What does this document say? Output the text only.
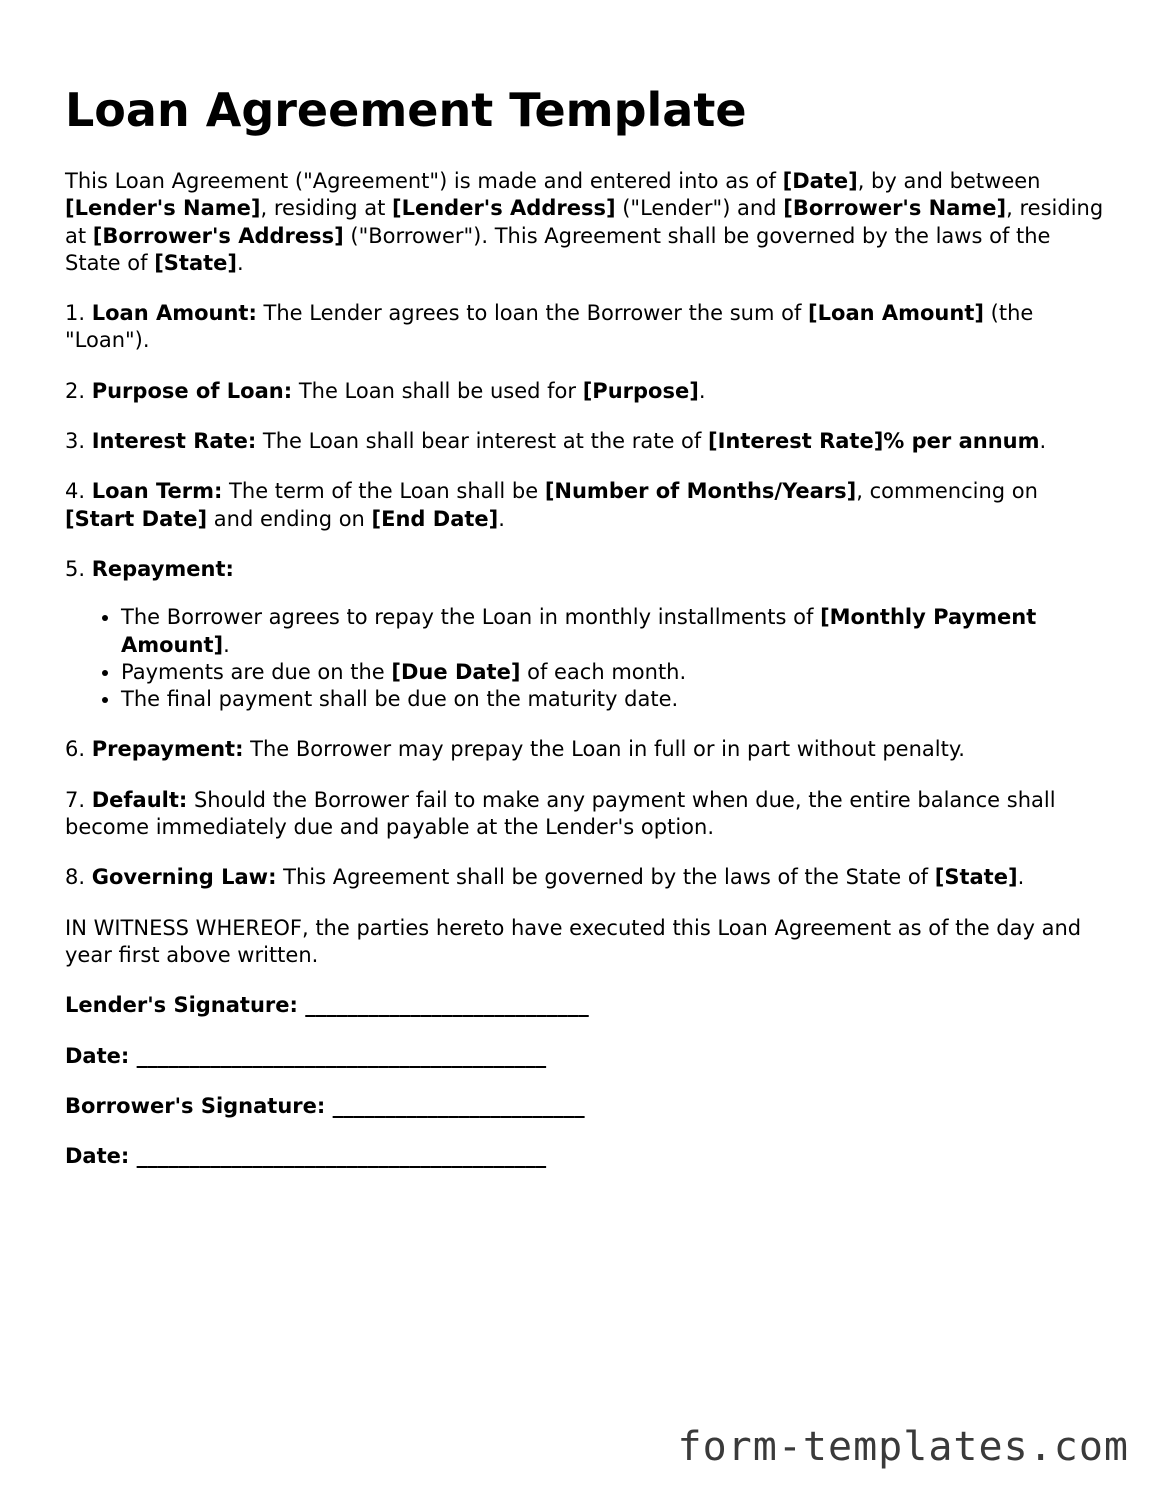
Loan Agreement Template

This Loan Agreement ("Agreement") is made and entered into as of [Date], by and between [Lender's Name], residing at [Lender's Address] ("Lender") and [Borrower's Name], residing at [Borrower's Address] ("Borrower"). This Agreement shall be governed by the laws of the State of [State].

1. Loan Amount: The Lender agrees to loan the Borrower the sum of [Loan Amount] (the "Loan").

2. Purpose of Loan: The Loan shall be used for [Purpose].

3. Interest Rate: The Loan shall bear interest at the rate of [Interest Rate]% per annum.

4. Loan Term: The term of the Loan shall be [Number of Months/Years], commencing on [Start Date] and ending on [End Date].

5. Repayment:

• The Borrower agrees to repay the Loan in monthly installments of [Monthly Payment Amount].
• Payments are due on the [Due Date] of each month.
• The final payment shall be due on the maturity date.

6. Prepayment: The Borrower may prepay the Loan in full or in part without penalty.

7. Default: Should the Borrower fail to make any payment when due, the entire balance shall become immediately due and payable at the Lender's option.

8. Governing Law: This Agreement shall be governed by the laws of the State of [State].

IN WITNESS WHEREOF, the parties hereto have executed this Loan Agreement as of the day and year first above written.

Lender's Signature: ___________________________

Date: _______________________________________

Borrower's Signature: ________________________

Date: _______________________________________

form-templates.com
